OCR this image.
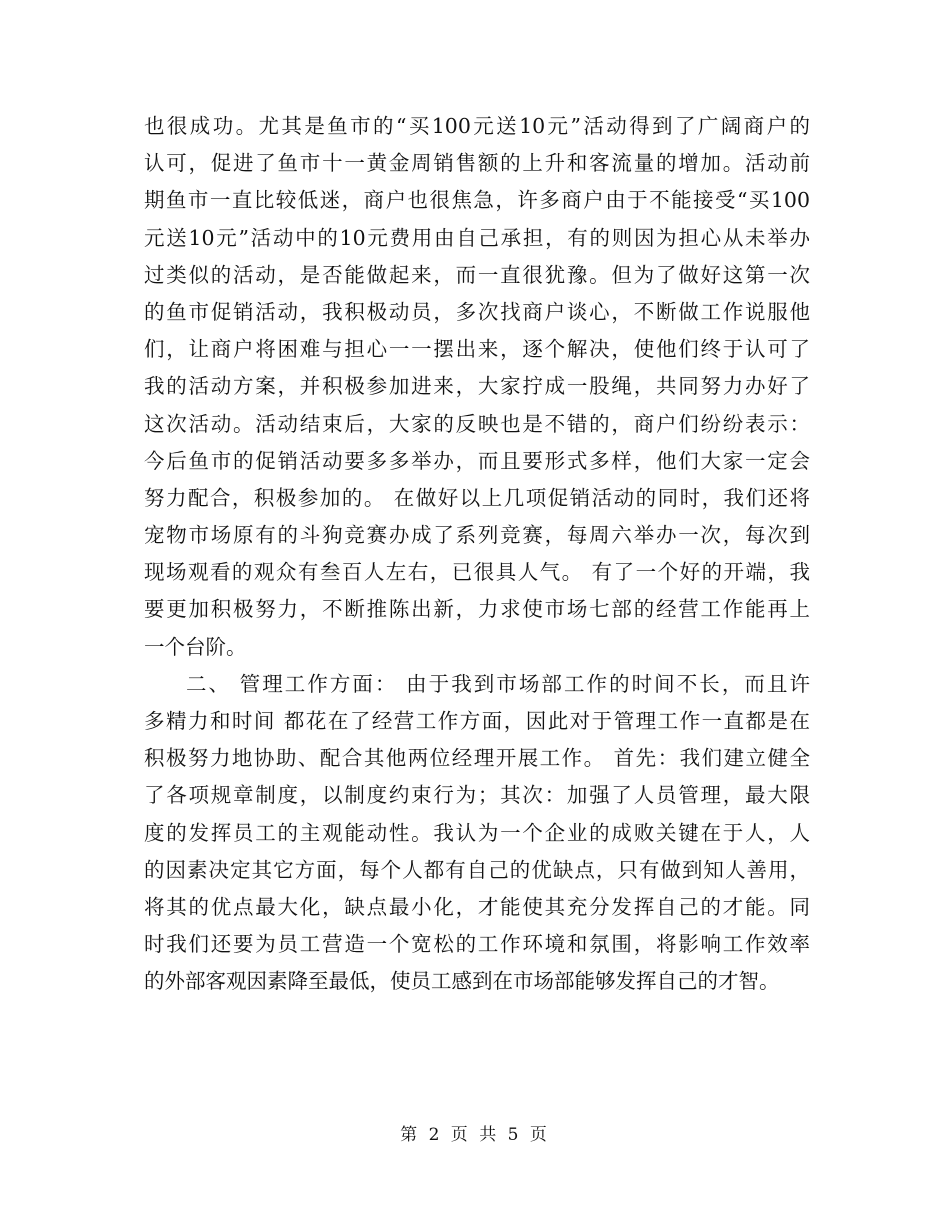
也很成功。尤其是鱼市的“买100元送10元”活动得到了广阔商户的
认可，促进了鱼市十一黄金周销售额的上升和客流量的增加。活动前
期鱼市一直比较低迷，商户也很焦急，许多商户由于不能接受“买100
元送10元”活动中的10元费用由自己承担，有的则因为担心从未举办
过类似的活动，是否能做起来，而一直很犹豫。但为了做好这第一次
的鱼市促销活动，我积极动员，多次找商户谈心，不断做工作说服他
们，让商户将困难与担心一一摆出来，逐个解决，使他们终于认可了
我的活动方案，并积极参加进来，大家拧成一股绳，共同努力办好了
这次活动。活动结束后，大家的反映也是不错的，商户们纷纷表示：
今后鱼市的促销活动要多多举办，而且要形式多样，他们大家一定会
努力配合，积极参加的。 在做好以上几项促销活动的同时，我们还将
宠物市场原有的斗狗竞赛办成了系列竞赛，每周六举办一次，每次到
现场观看的观众有叁百人左右，已很具人气。 有了一个好的开端，我
要更加积极努力，不断推陈出新，力求使市场七部的经营工作能再上
一个台阶。

二、 管理工作方面： 由于我到市场部工作的时间不长，而且许
多精力和时间 都花在了经营工作方面，因此对于管理工作一直都是在
积极努力地协助、配合其他两位经理开展工作。 首先：我们建立健全
了各项规章制度，以制度约束行为；其次：加强了人员管理，最大限
度的发挥员工的主观能动性。我认为一个企业的成败关键在于人，人
的因素决定其它方面，每个人都有自己的优缺点，只有做到知人善用，
将其的优点最大化，缺点最小化，才能使其充分发挥自己的才能。同
时我们还要为员工营造一个宽松的工作环境和氛围，将影响工作效率
的外部客观因素降至最低，使员工感到在市场部能够发挥自己的才智。

第 2 页 共 5 页
